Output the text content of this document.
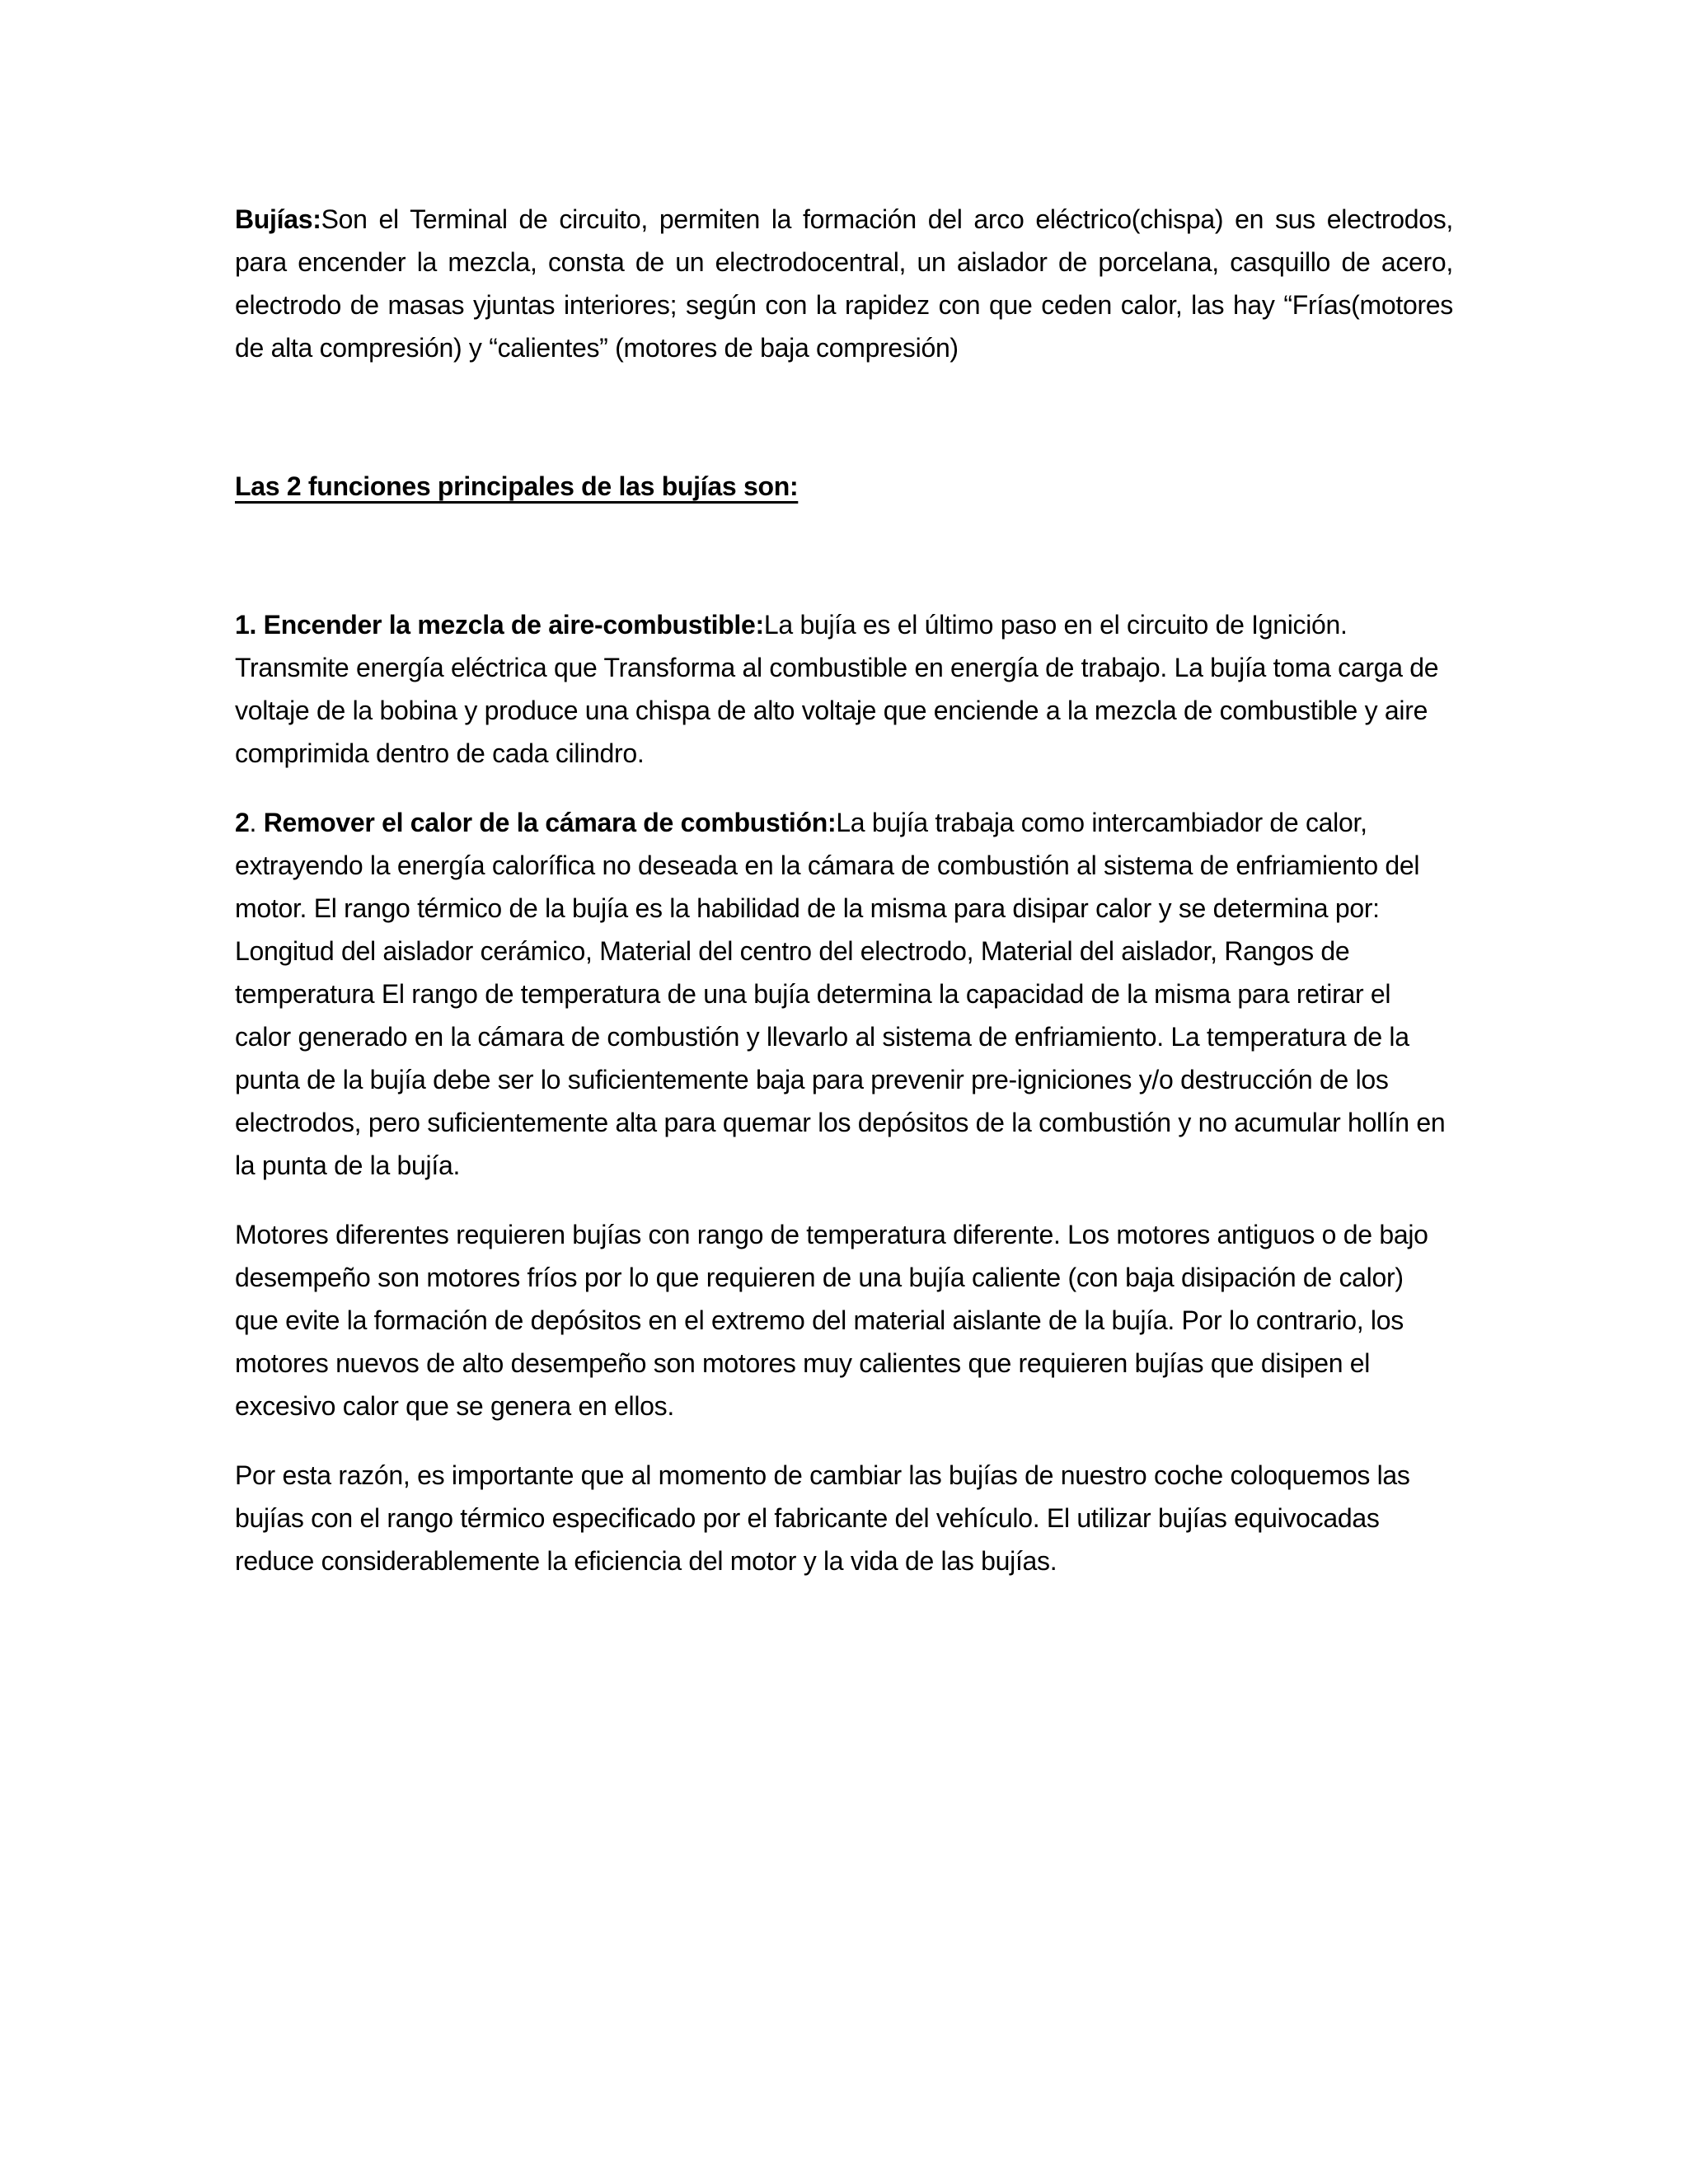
Bujías:Son el Terminal de circuito, permiten la formación del arco eléctrico(chispa) en sus electrodos, para encender la mezcla, consta de un electrodocentral, un aislador de porcelana, casquillo de acero, electrodo de masas yjuntas interiores; según con la rapidez con que ceden calor, las hay “Frías(motores de alta compresión) y “calientes” (motores de baja compresión)

Las 2 funciones principales de las bujías son:

1. Encender la mezcla de aire-combustible:La bujía es el último paso en el circuito de Ignición. Transmite energía eléctrica que Transforma al combustible en energía de trabajo. La bujía toma carga de voltaje de la bobina y produce una chispa de alto voltaje que enciende a la mezcla de combustible y aire comprimida dentro de cada cilindro.

2. Remover el calor de la cámara de combustión:La bujía trabaja como intercambiador de calor, extrayendo la energía calorífica no deseada en la cámara de combustión al sistema de enfriamiento del motor. El rango térmico de la bujía es la habilidad de la misma para disipar calor y se determina por: Longitud del aislador cerámico, Material del centro del electrodo, Material del aislador, Rangos de temperatura El rango de temperatura de una bujía determina la capacidad de la misma para retirar el calor generado en la cámara de combustión y llevarlo al sistema de enfriamiento. La temperatura de la punta de la bujía debe ser lo suficientemente baja para prevenir pre-igniciones y/o destrucción de los electrodos, pero suficientemente alta para quemar los depósitos de la combustión y no acumular hollín en la punta de la bujía.

Motores diferentes requieren bujías con rango de temperatura diferente. Los motores antiguos o de bajo desempeño son motores fríos por lo que requieren de una bujía caliente (con baja disipación de calor) que evite la formación de depósitos en el extremo del material aislante de la bujía. Por lo contrario, los motores nuevos de alto desempeño son motores muy calientes que requieren bujías que disipen el excesivo calor que se genera en ellos.

Por esta razón, es importante que al momento de cambiar las bujías de nuestro coche coloquemos las bujías con el rango térmico especificado por el fabricante del vehículo. El utilizar bujías equivocadas reduce considerablemente la eficiencia del motor y la vida de las bujías.
